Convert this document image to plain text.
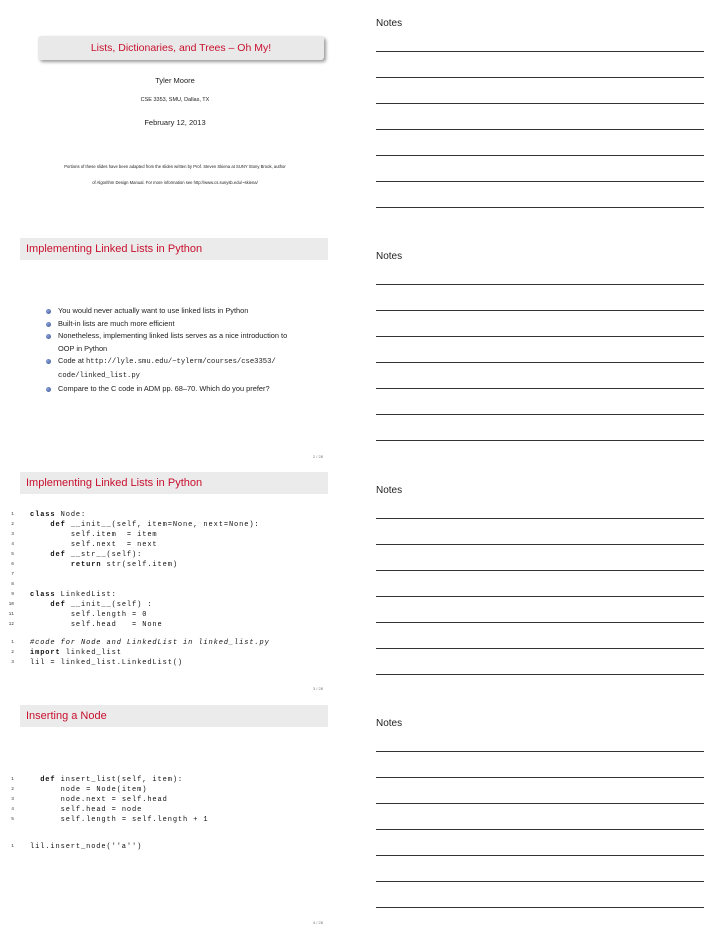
Lists, Dictionaries, and Trees – Oh My!
Tyler Moore
CSE 3353, SMU, Dallas, TX
February 12, 2013
Portions of these slides have been adapted from the slides written by Prof. Steven Skiena at SUNY Stony Brook, author
of Algorithm Design Manual. For more information see http://www.cs.sunysb.edu/~skiena/
Notes
Implementing Linked Lists in Python
You would never actually want to use linked lists in Python
Built-in lists are much more efficient
Nonetheless, implementing linked lists serves as a nice introduction to
OOP in Python
Code at http://lyle.smu.edu/~tylerm/courses/cse3353/
code/linked_list.py
Compare to the C code in ADM pp. 68–70. Which do you prefer?
2 / 28
Notes
Implementing Linked Lists in Python
1 class Node:
2	def __init__(self, item=None, next=None):
3	self.item  = item
4	self.next  = next
5	def __str__(self):
6	return str(self.item)
7
8
9 class LinkedList:
10	def __init__(self) :
11	self.length = 0
12	self.head   = None
1 #code for Node and LinkedList in linked_list.py
2 import linked_list
3 lil = linked_list.LinkedList()
3 / 28
Notes
Inserting a Node
1	def insert_list(self, item):
2	node = Node(item)
3	node.next = self.head
4	self.head = node
5	self.length = self.length + 1
1 lil.insert_node(''a'')
4 / 28
Notes
